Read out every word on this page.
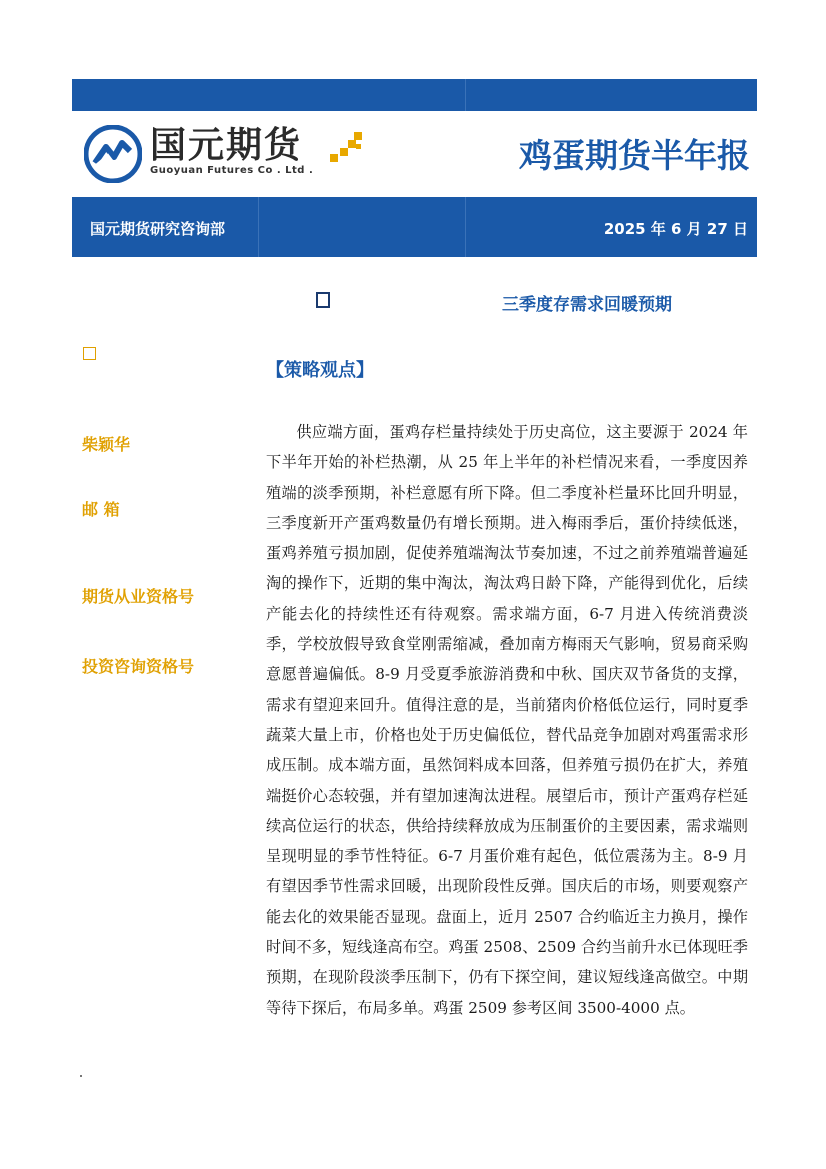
国元期货
Guoyuan Futures Co . Ltd .	鸡蛋期货半年报
国元期货研究咨询部	2025 年 6 月 27 日
三季度存需求回暖预期
【策略观点】
柴颖华
邮 箱
期货从业资格号
投资咨询资格号

供应端方面，蛋鸡存栏量持续处于历史高位，这主要源于 2024 年下半年开始的补栏热潮，从 25 年上半年的补栏情况来看，一季度因养殖端的淡季预期，补栏意愿有所下降。但二季度补栏量环比回升明显，三季度新开产蛋鸡数量仍有增长预期。进入梅雨季后，蛋价持续低迷，蛋鸡养殖亏损加剧，促使养殖端淘汰节奏加速，不过之前养殖端普遍延淘的操作下，近期的集中淘汰，淘汰鸡日龄下降，产能得到优化，后续产能去化的持续性还有待观察。需求端方面，6-7 月进入传统消费淡季，学校放假导致食堂刚需缩减，叠加南方梅雨天气影响，贸易商采购意愿普遍偏低。8-9 月受夏季旅游消费和中秋、国庆双节备货的支撑，需求有望迎来回升。值得注意的是，当前猪肉价格低位运行，同时夏季蔬菜大量上市，价格也处于历史偏低位，替代品竞争加剧对鸡蛋需求形成压制。成本端方面，虽然饲料成本回落，但养殖亏损仍在扩大，养殖端挺价心态较强，并有望加速淘汰进程。展望后市，预计产蛋鸡存栏延续高位运行的状态，供给持续释放成为压制蛋价的主要因素，需求端则呈现明显的季节性特征。6-7 月蛋价难有起色，低位震荡为主。8-9 月有望因季节性需求回暖，出现阶段性反弹。国庆后的市场，则要观察产能去化的效果能否显现。盘面上，近月 2507 合约临近主力换月，操作时间不多，短线逢高布空。鸡蛋 2508、2509 合约当前升水已体现旺季预期，在现阶段淡季压制下，仍有下探空间，建议短线逢高做空。中期等待下探后，布局多单。鸡蛋 2509 参考区间 3500-4000 点。
